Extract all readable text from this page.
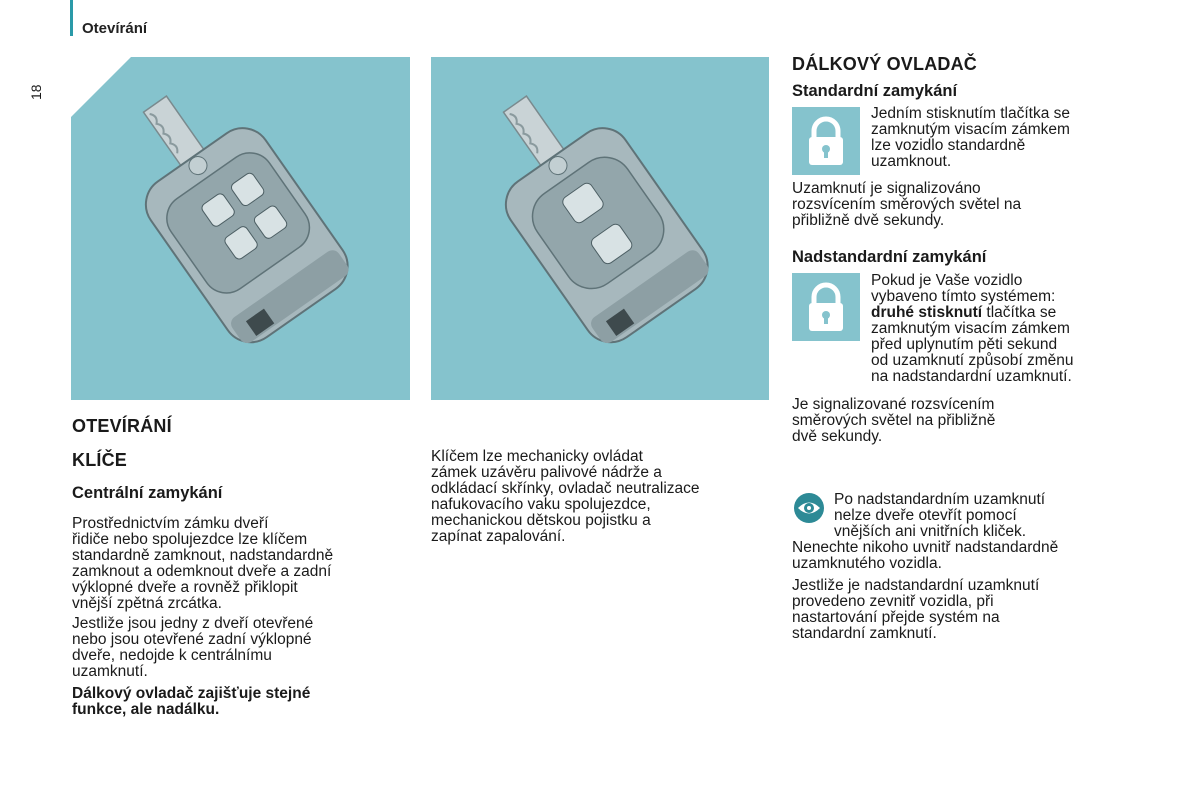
Otevírání
18
OTEVÍRÁNÍ
KLÍČE
Centrální zamykání
Prostřednictvím zámku dveří
řidiče nebo spolujezdce lze klíčem
standardně zamknout, nadstandardně
zamknout a odemknout dveře a zadní
výklopné dveře a rovněž přiklopit
vnější zpětná zrcátka.
Jestliže jsou jedny z dveří otevřené
nebo jsou otevřené zadní výklopné
dveře, nedojde k centrálnímu
uzamknutí.
Dálkový ovladač zajišťuje stejné
funkce, ale nadálku.
Klíčem lze mechanicky ovládat
zámek uzávěru palivové nádrže a
odkládací skřínky, ovladač neutralizace
nafukovacího vaku spolujezdce,
mechanickou dětskou pojistku a
zapínat zapalování.
DÁLKOVÝ OVLADAČ
Standardní zamykání
Jedním stisknutím tlačítka se
zamknutým visacím zámkem
lze vozidlo standardně
uzamknout.
Uzamknutí je signalizováno
rozsvícením směrových světel na
přibližně dvě sekundy.
Nadstandardní zamykání
Pokud je Vaše vozidlo
vybaveno tímto systémem:
druhé stisknutí tlačítka se
zamknutým visacím zámkem
před uplynutím pěti sekund
od uzamknutí způsobí změnu
na nadstandardní uzamknutí.
Je signalizované rozsvícením
směrových světel na přibližně
dvě sekundy.
Po nadstandardním uzamknutí
nelze dveře otevřít pomocí
vnějších ani vnitřních kliček.
Nenechte nikoho uvnitř nadstandardně
uzamknutého vozidla.
Jestliže je nadstandardní uzamknutí
provedeno zevnitř vozidla, při
nastartování přejde systém na
standardní zamknutí.
